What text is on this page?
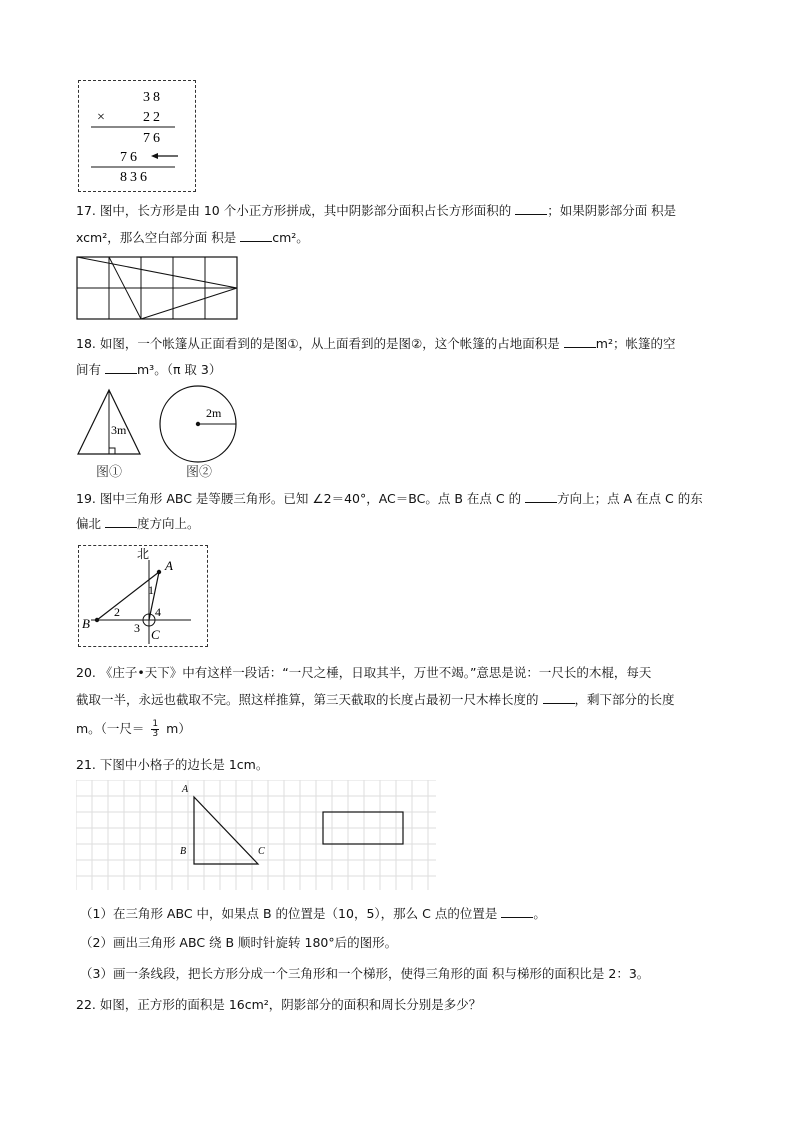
38
×	22
76
76
836
17. 图中，长方形是由 10 个小正方形拼成，其中阴影部分面积占长方形面积的	；如果阴影部分面 积是
xcm²，那么空白部分面 积是	cm²。
18. 如图，一个帐篷从正面看到的是图①，从上面看到的是图②，这个帐篷的占地面积是	m²；帐篷的空
间有	m³。（π 取 3）
3m
图①
2m
图②
19. 图中三角形 ABC 是等腰三角形。已知 ∠2＝40°，AC＝BC。点 B 在点 C 的	方向上；点 A 在点 C 的东
偏北	度方向上。
北
A
B
C
1
2
3
4
20. 《庄子•天下》中有这样一段话：“一尺之棰，日取其半，万世不竭。”意思是说：一尺长的木棍，每天
截取一半，永远也截取不完。照这样推算，第三天截取的长度占最初一尺木棒长度的	，剩下部分的长度
m。（一尺＝ $\frac{1}{3} m$）
21. 下图中小格子的边长是 1cm。
A
B	C
（1）在三角形 ABC 中，如果点 B 的位置是（10，5），那么 C 点的位置是	。
（2）画出三角形 ABC 绕 B 顺时针旋转 180°后的图形。
（3）画一条线段，把长方形分成一个三角形和一个梯形，使得三角形的面 积与梯形的面积比是 2：3。
22. 如图，正方形的面积是 16cm²，阴影部分的面积和周长分别是多少？
